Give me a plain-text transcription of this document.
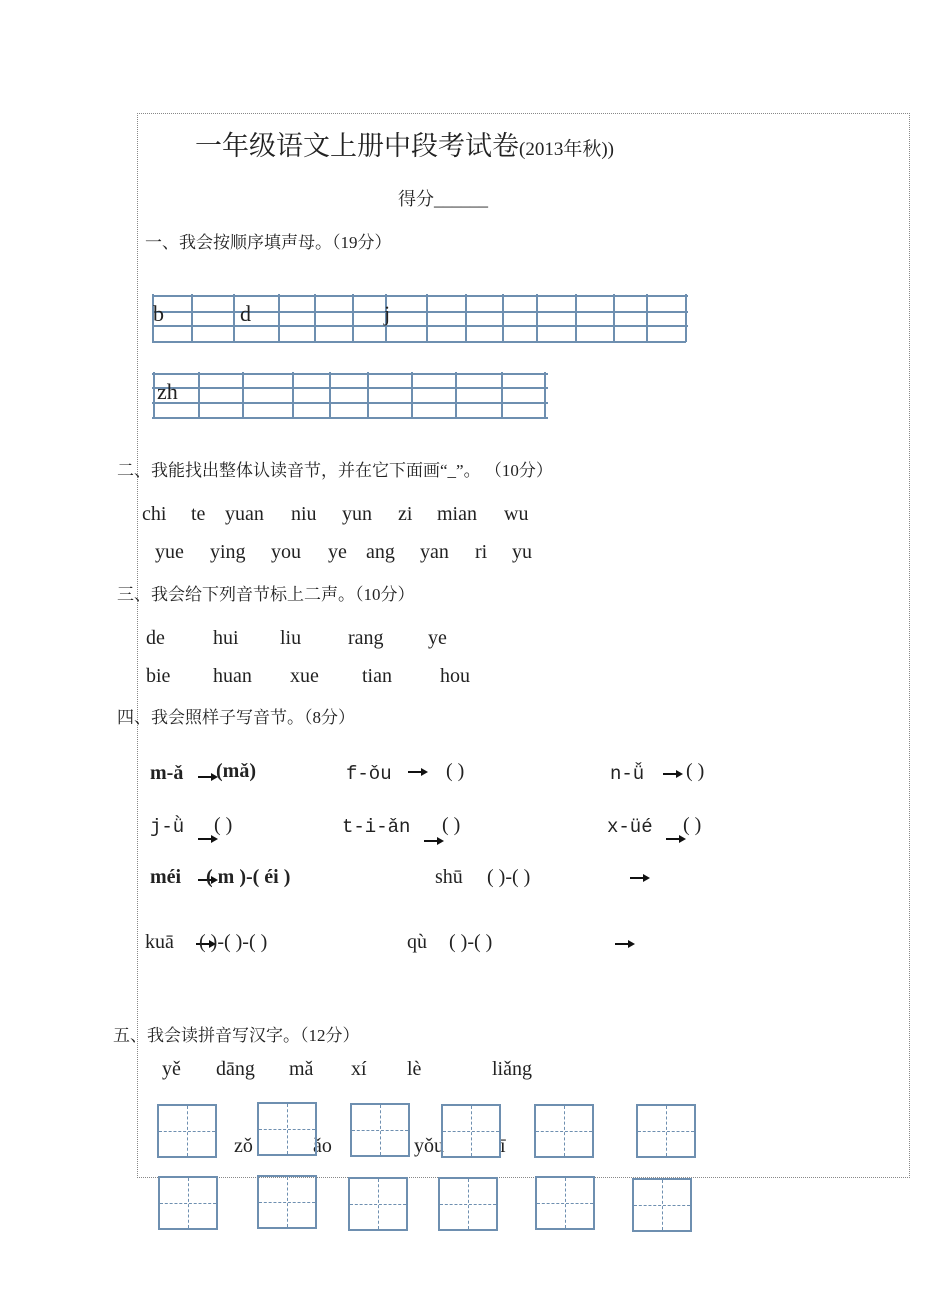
一年级语文上册中段考试卷(2013年秋))
得分______
一、我会按顺序填声母。（19分）
b	d	j
zh
二、我能找出整体认读音节，并在它下面画“_”。 （10分）
chi te yuan niu yun zi mian wu
yue ying you ye ang yan ri yu
三、我会给下列音节标上二声。（10分）
de hui liu rang ye
bie huan xue tian hou
四、我会照样子写音节。（8分）
m-ǎ (mǎ)	f-ǒu	( )	n-ǚ ( )
j-ǜ ( )	t-i-ǎn ( )	x-üé ( )
méi ( m )-( éi )	shū ( )-( )
kuā ( )-( )-( )	qù ( )-( )
五、我会读拼音写汉字。（12分）
yě dāng mǎ xí lè	liǎng
zǒ	ǎo	yǒu	ī
